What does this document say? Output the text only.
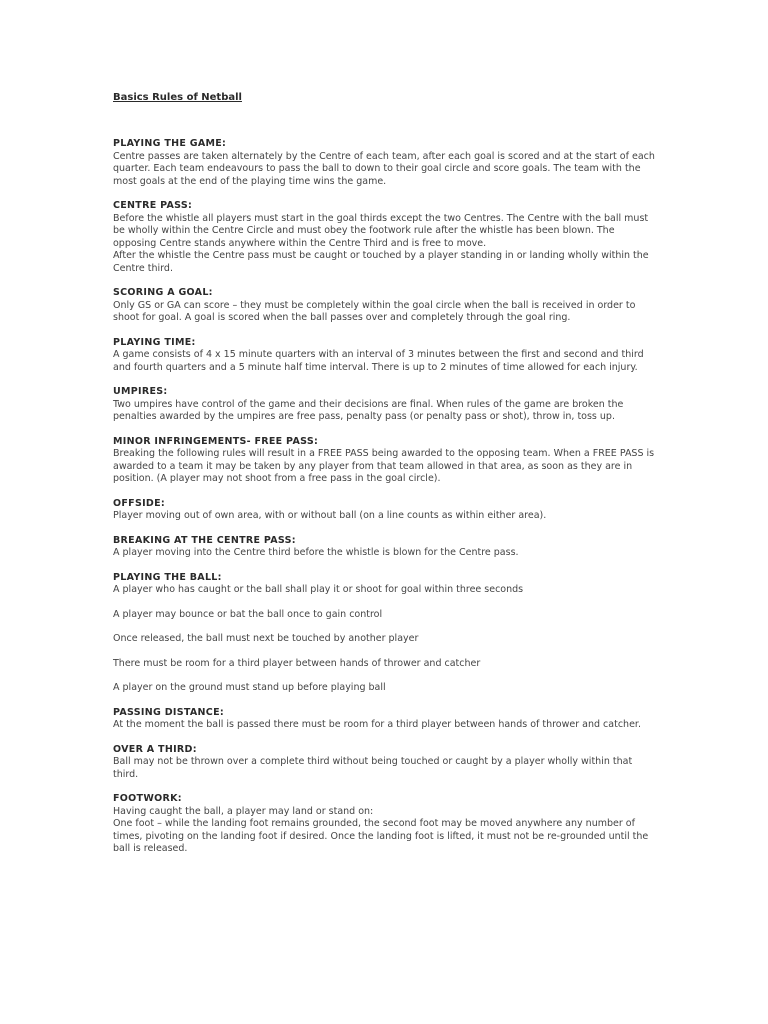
Basics Rules of Netball
PLAYING THE GAME:

Centre passes are taken alternately by the Centre of each team, after each goal is scored and at the start of each quarter. Each team endeavours to pass the ball to down to their goal circle and score goals. The team with the most goals at the end of the playing time wins the game.

CENTRE PASS:

Before the whistle all players must start in the goal thirds except the two Centres. The Centre with the ball must be wholly within the Centre Circle and must obey the footwork rule after the whistle has been blown. The opposing Centre stands anywhere within the Centre Third and is free to move.

After the whistle the Centre pass must be caught or touched by a player standing in or landing wholly within the Centre third.

SCORING A GOAL:

Only GS or GA can score – they must be completely within the goal circle when the ball is received in order to shoot for goal. A goal is scored when the ball passes over and completely through the goal ring.

PLAYING TIME:

A game consists of 4 x 15 minute quarters with an interval of 3 minutes between the first and second and third and fourth quarters and a 5 minute half time interval. There is up to 2 minutes of time allowed for each injury.

UMPIRES:

Two umpires have control of the game and their decisions are final. When rules of the game are broken the penalties awarded by the umpires are free pass, penalty pass (or penalty pass or shot), throw in, toss up.

MINOR INFRINGEMENTS- FREE PASS:

Breaking the following rules will result in a FREE PASS being awarded to the opposing team. When a FREE PASS is awarded to a team it may be taken by any player from that team allowed in that area, as soon as they are in position. (A player may not shoot from a free pass in the goal circle).

OFFSIDE:

Player moving out of own area, with or without ball (on a line counts as within either area).

BREAKING AT THE CENTRE PASS:

A player moving into the Centre third before the whistle is blown for the Centre pass.

PLAYING THE BALL:

A player who has caught or the ball shall play it or shoot for goal within three seconds

A player may bounce or bat the ball once to gain control

Once released, the ball must next be touched by another player

There must be room for a third player between hands of thrower and catcher

A player on the ground must stand up before playing ball

PASSING DISTANCE:

At the moment the ball is passed there must be room for a third player between hands of thrower and catcher.

OVER A THIRD:

Ball may not be thrown over a complete third without being touched or caught by a player wholly within that third.

FOOTWORK:

Having caught the ball, a player may land or stand on:

One foot – while the landing foot remains grounded, the second foot may be moved anywhere any number of times, pivoting on the landing foot if desired. Once the landing foot is lifted, it must not be re-grounded until the ball is released.
